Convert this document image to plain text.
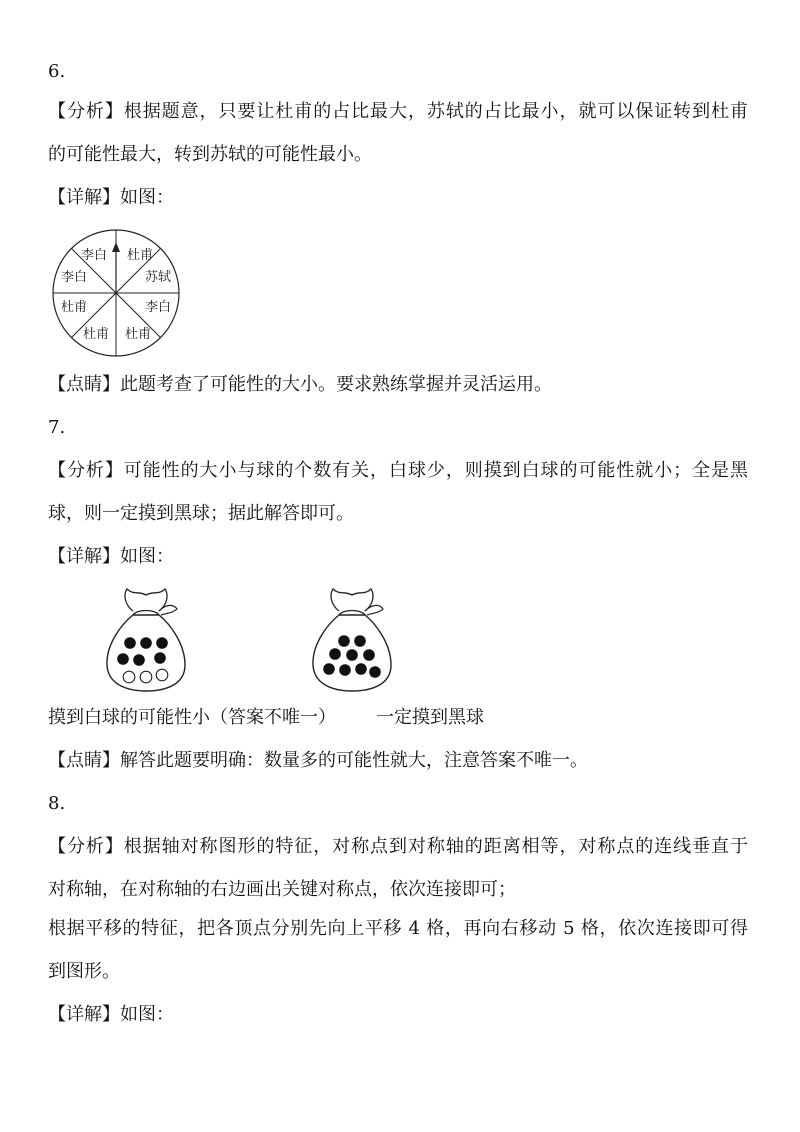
6.
【分析】根据题意，只要让杜甫的占比最大，苏轼的占比最小，就可以保证转到杜甫
的可能性最大，转到苏轼的可能性最小。
【详解】如图：
杜甫
苏轼
李白
杜甫
杜甫
杜甫
李白
李白
【点睛】此题考查了可能性的大小。要求熟练掌握并灵活运用。
7.
【分析】可能性的大小与球的个数有关，白球少，则摸到白球的可能性就小；全是黑
球，则一定摸到黑球；据此解答即可。
【详解】如图：
摸到白球的可能性小（答案不唯一） 一定摸到黑球
【点睛】解答此题要明确：数量多的可能性就大，注意答案不唯一。
8.
【分析】根据轴对称图形的特征，对称点到对称轴的距离相等，对称点的连线垂直于
对称轴，在对称轴的右边画出关键对称点，依次连接即可；
根据平移的特征，把各顶点分别先向上平移 4 格，再向右移动 5 格，依次连接即可得
到图形。
【详解】如图：
